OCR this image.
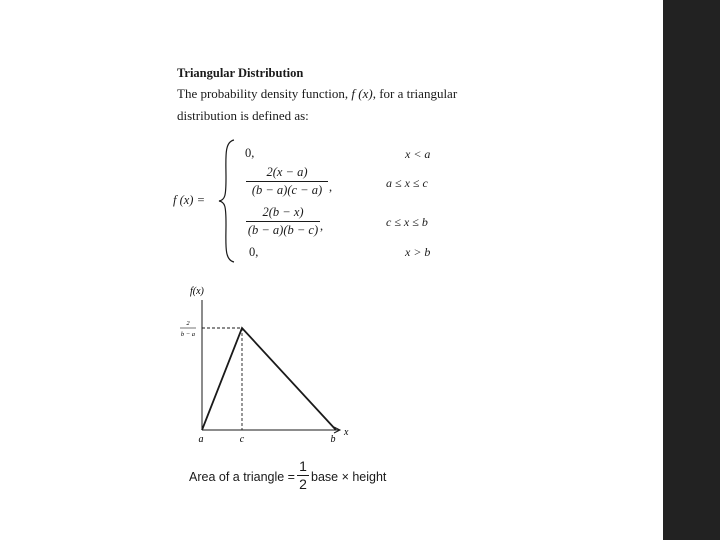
Triangular Distribution
The probability density function, f (x), for a triangular
distribution is defined as:
f (x) =
0,	x < a
2(x − a)
(b − a)(c − a) ,	a ≤ x ≤ c
2(b − x)
(b − a)(b − c) ,	c ≤ x ≤ b
0,	x > b
f(x)
2
b − a
x
a	c	b
Area of a triangle =
1
2 base × height
